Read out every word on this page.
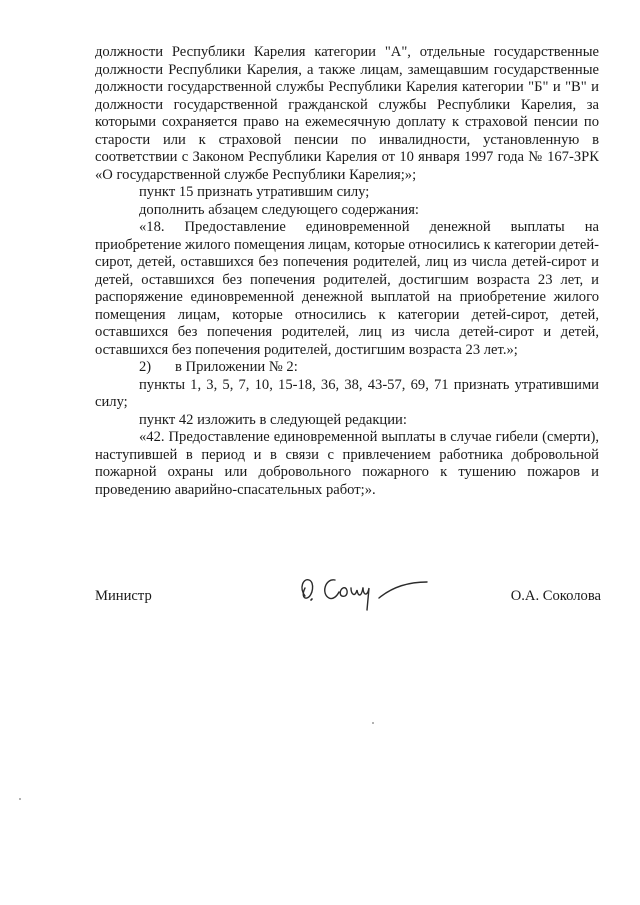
должности Республики Карелия категории "А", отдельные государственные должности Республики Карелия, а также лицам, замещавшим государственные должности государственной службы Республики Карелия категории "Б" и "В" и должности государственной гражданской службы Республики Карелия, за которыми сохраняется право на ежемесячную доплату к страховой пенсии по старости или к страховой пенсии по инвалидности, установленную в соответствии с Законом Республики Карелия от 10 января 1997 года № 167-ЗРК «О государственной службе Республики Карелия;»;

пункт 15 признать утратившим силу;

дополнить абзацем следующего содержания:

«18. Предоставление единовременной денежной выплаты на приобретение жилого помещения лицам, которые относились к категории детей-сирот, детей, оставшихся без попечения родителей, лиц из числа детей-сирот и детей, оставшихся без попечения родителей, достигшим возраста 23 лет, и распоряжение единовременной денежной выплатой на приобретение жилого помещения лицам, которые относились к категории детей-сирот, детей, оставшихся без попечения родителей, лиц из числа детей-сирот и детей, оставшихся без попечения родителей, достигшим возраста 23 лет.»;

2) в Приложении № 2:

пункты 1, 3, 5, 7, 10, 15-18, 36, 38, 43-57, 69, 71 признать утратившими силу;

пункт 42 изложить в следующей редакции:

«42. Предоставление единовременной выплаты в случае гибели (смерти), наступившей в период и в связи с привлечением работника добровольной пожарной охраны или добровольного пожарного к тушению пожаров и проведению аварийно-спасательных работ;».

Министр	О.А. Соколова
